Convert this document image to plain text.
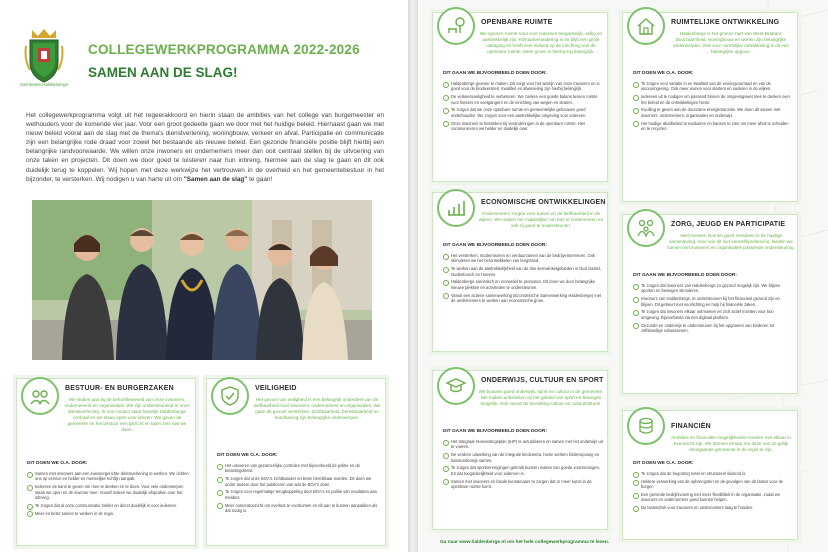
Gemeente Haldenberge
COLLEGEWERKPROGRAMMA 2022-2026
SAMEN AAN DE SLAG!

Het collegewerkprogramma volgt uit het regeerakkoord en hierin staan de ambities van het college van burgemeester en wethouders voor de komende vier jaar. Voor een groot gedeelte gaan we door met het huidige beleid. Hiernaast gaan we met nieuw beleid vooral aan de slag met de thema's dienstverlening, woningbouw, verkeer en afval. Participatie en communicatie zijn een belangrijke rode draad voor zowel het bestaande als nieuwe beleid. Een gezonde financiële positie blijft hierbij een belangrijke randvoorwaarde. We willen onze inwoners en ondernemers meer dan ooit centraal stellen bij de uitvoering van onze taken en projecten. Dit doen we door goed te luisteren naar hun inbreng, hiermee aan de slag te gaan en dit ook duidelijk terug te koppelen. Wij hopen met deze werkwijze het vertrouwen in de overheid en het gemeentebestuur in het bijzonder, te versterken. Wij nodigen u van harte uit om "Samen aan de slag" te gaan!

BESTUUR- EN BURGERZAKEN
We sluiten aan bij de behoeftewereld van onze inwoners, ondernemers en organisaties. We zijn ondersteunend in onze dienstverlening. In ons contact staat hartelijk Haldenberge centraal en we staan open voor ideeën. We geven de gemeente en het bestuur een gezicht en laten zien wat we doen.
DIT DOEN WE O.A. DOOR:
Samen met inwoners aan een inwonergerichte dienstverlening te werken. We richten ons op service en helder en menselijke richtlijn aanpak.
Iedereen de kans te geven om mee te denken en te doen. Voor vele onderwerpen staan we open en de inwoner mee. Vooraf maken we duidelijk afspraken over het inbreng.
Te zorgen dat al onze communicatie helder en direct duidelijk is voor iedereen.
Meer en beter samen te werken in de regio.
VEILIGHEID
Het gevoel van veiligheid is een belangrijk onderdeel van de leefbaarheid voor inwoners, ondernemers en organisaties. We gaan dit gevoel versterken. Zichtbaarheid, bereikbaarheid en handhaving zijn belangrijke onderwerpen.
DIT DOEN WE O.A. DOOR:
Het uitvoeren van gezamenlijke controles met bijvoorbeeld de politie en de belastingdienst.
Te zorgen dat onze BOA's zichtbaarder en beter bereikbaar worden. Dit doen we onder andere door het publiceren van wat de BOA's doen.
Te zorgen voor regelmatige terugkoppeling door BOA's en politie van resultaten aan melders.
Meer cameratoezicht om overlast te voorkomen en dit aan te kunnen aanpakken als dat nodig is.
OPENBARE RUIMTE
We openen ruimte rond voor iedereen toegankelijk, veilig en aantrekkelijk zijn. Klimaatverandering is en blijft een grote uitdaging en heeft veel invloed op de inrichting van de openbare ruimte. Meer groen is hierbij erg belangrijk.
DIT GAAN WE BIJVOORBEELD DOEN DOOR:
Haldenberge groener te maken. Dit zorgt voor het welzijn van onze inwoners en is goed voor de biodiversiteit. Kwaliteit en afwisseling zijn hierbij belangrijk.
De verkeersveiligheid te verbeteren. We zoeken een goede balans tussen ruimte voor fietsers en voetgangers en de inrichting van wegen en straten.
Te zorgen dat we onze openbare ruimte en gemeentelijke gebouwen goed onderhouden. We zorgen voor een aantrekkelijke omgeving voor iedereen.
Onze inwoners te betrekken bij veranderingen in de openbare ruimte. Hier communiceren we helder en duidelijk over.
RUIMTELIJKE ONTWIKKELING
Haldenberge is het groene hart van West-Brabant. Duurzaamheid, woningbouw en wonen zijn belangrijke onderwerpen. Ook voor ruimtelijke ontwikkeling is dit een belangrijke opgave.
DIT DOEN WE O.A. DOOR:
Te zorgen voor variatie in en kwaliteit van de woningvoorraad en van de woonomgeving. Ook meer wonen voor starters en ouderen in de wijken.
Iedereen uit te nodigen om passend binnen de omgevingswet mee te denken over het beleid en de ontwikkelingen hierin.
Invulling te geven aan de duurzame energietransitie. We doen dit samen met inwoners, ondernemers, organisaties en onderwijs.
Het huidige afvalbeleid te evalueren en kansen te zien om meer afval te scheiden en te recyclen.
ECONOMISCHE ONTWIKKELINGEN
Ondernemers zorgen voor banen en de leefbaarheid in de wijken. We maken het makkelijker om hier te ondernemen en ook zij goed te ondersteunen.
DIT GAAN WE BIJVOORBEELD DOEN DOOR:
Het versterken, moderniseren en verduurzamen van de bedrijventerreinen. Ook stimuleren we het herontwikkelen van leegstand.
Te werken aan de aantrekkelijkheid van de drie kernwinkelgebieden in Oud Gastel, Oudenbosch en Hoeven.
Haldenberge toeristisch en recreatief te promoten. Dit doen we door belangrijke nieuwe plekken en activiteiten te ondersteunen.
Vanuit een actieve samenwerking (Economische Samenwerking Haldenberge) met de ondernemers te werken aan economische groei.
ZORG, JEUGD EN PARTICIPATIE
Veel mensen kunnen goed meedoen in de huidige samenleving. Voor wie dit niet vanzelfsprekend is, bieden we samen met inwoners en organisaties passende ondersteuning.
DIT GAAN WE BIJVOORBEELD DOEN DOOR:
Te zorgen dat inwoners van Haldenberge zo gezond mogelijk zijn. We blijven sporten en bewegen stimuleren.
Inwoners van Haldenberge, te ondersteunen bij het financieel gezond zijn en blijven. Dit gebeurt met voorlichting en hulp bij financiële zaken.
Te zorgen dat inwoners elkaar ontmoeten en zich actief inzetten voor hun omgeving. Bijvoorbeeld via een digitaal platform.
Gezonde en onderwijs te ondersteunen bij het opgroeien van kinderen tot zelfstandige volwassenen.
ONDERWIJS, CULTUUR EN SPORT
We bouwen goed onderwijs, sport en cultuur in de gemeente. We maken activiteiten op het gebied van sport en bewegen mogelijk. Ook vanuit de bevolking cultuur en cultuurhistorie.
DIT GAAN WE BIJVOORBEELD DOEN DOOR:
Het Integraal Huisvestingsplan (IHP) te actualiseren en samen met het onderwijs uit te voeren.
De verdere uitwerking van de integrale kindcentra, hierin werken kinderopvang en basisonderwijs samen.
Te zorgen dat sportverenigingen gebruik kunnen maken van goede voorzieningen. En dat toegankelijkheid voor iedereen is.
Samen met inwoners en lokale kunstenaars te zorgen dat er meer kunst in de openbare ruimte komt.
FINANCIËN
Ambities en financiële mogelijkheden moeten met elkaar in evenwicht zijn. We streven ernaar om deze van de gelijk doorgaande gemeente in de regio te zijn.
DIT DOEN WE O.A. DOOR:
Te zorgen dat de begroting reëel en structureel sluitend is.
Heldere verwerking van de opbrengsten en de gevolgen van de lasten voor de burger.
Een gezonde bedrijfsvoering met meer flexibiliteit in de organisatie, zodat we inwoners en ondernemers goed kunnen helpen.
De lastendruk voor inwoners en ondernemers laag te houden.
Ga naar www.haldenberge.nl om het hele collegewerkprogramma te lezen.
